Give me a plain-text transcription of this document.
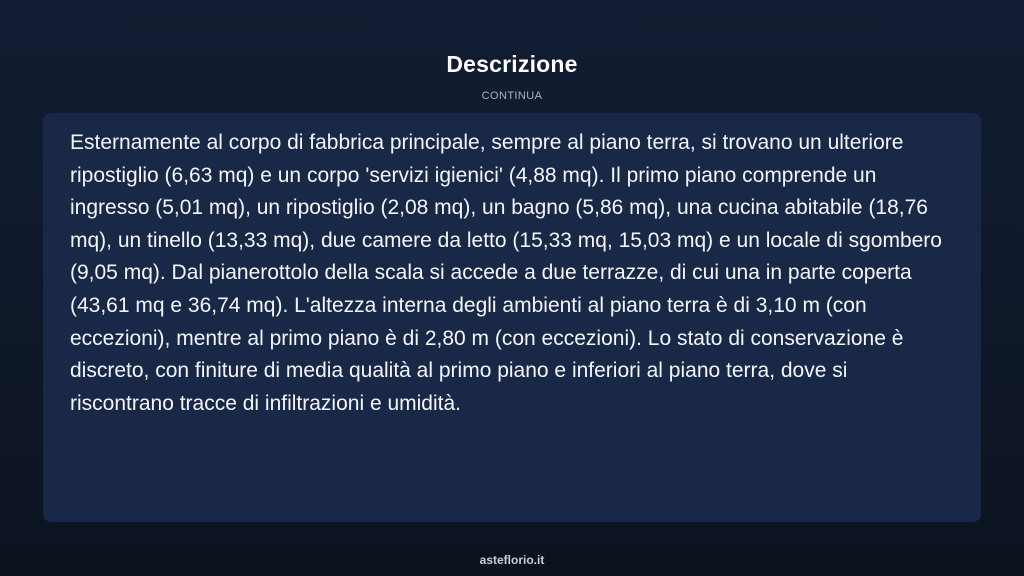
Descrizione
CONTINUA

Esternamente al corpo di fabbrica principale, sempre al piano terra, si trovano un ulteriore ripostiglio (6,63 mq) e un corpo 'servizi igienici' (4,88 mq). Il primo piano comprende un ingresso (5,01 mq), un ripostiglio (2,08 mq), un bagno (5,86 mq), una cucina abitabile (18,76 mq), un tinello (13,33 mq), due camere da letto (15,33 mq, 15,03 mq) e un locale di sgombero (9,05 mq). Dal pianerottolo della scala si accede a due terrazze, di cui una in parte coperta (43,61 mq e 36,74 mq). L'altezza interna degli ambienti al piano terra è di 3,10 m (con eccezioni), mentre al primo piano è di 2,80 m (con eccezioni). Lo stato di conservazione è discreto, con finiture di media qualità al primo piano e inferiori al piano terra, dove si riscontrano tracce di infiltrazioni e umidità.

asteflorio.it
